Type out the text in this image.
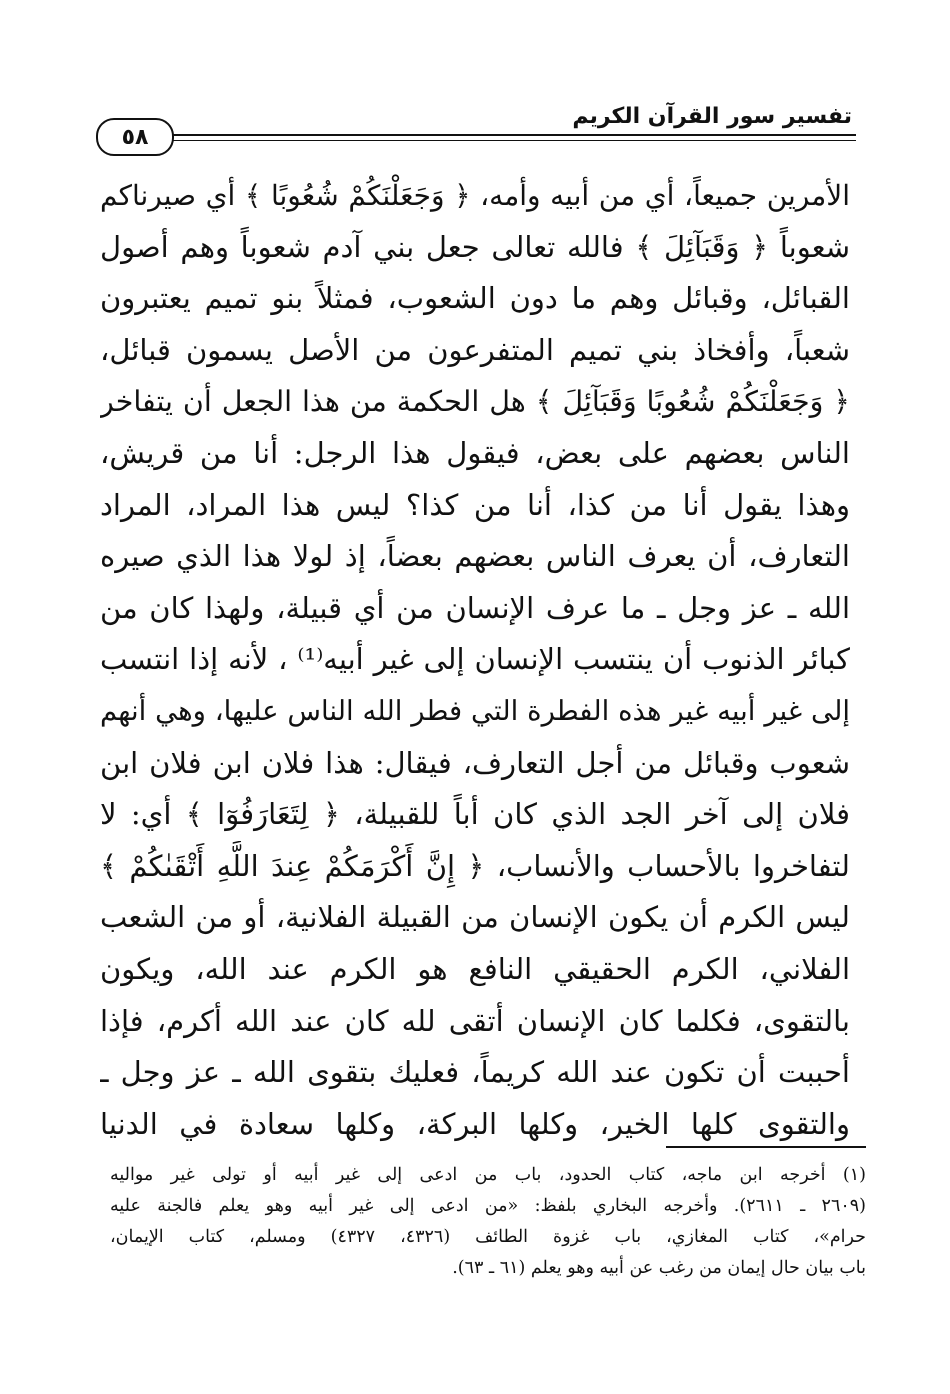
٥٨
تفسير سور القرآن الكريم
الأمرين جميعاً، أي من أبيه وأمه، ﴿ وَجَعَلْنَكُمْ شُعُوبًا ﴾ أي صيرناكم
شعوباً ﴿ وَقَبَآئِلَ ﴾ فالله تعالى جعل بني آدم شعوباً وهم أصول
القبائل، وقبائل وهم ما دون الشعوب، فمثلاً بنو تميم يعتبرون
شعباً، وأفخاذ بني تميم المتفرعون من الأصل يسمون قبائل،
﴿ وَجَعَلْنَكُمْ شُعُوبًا وَقَبَآئِلَ ﴾ هل الحكمة من هذا الجعل أن يتفاخر
الناس بعضهم على بعض، فيقول هذا الرجل: أنا من قريش،
وهذا يقول أنا من كذا، أنا من كذا؟ ليس هذا المراد، المراد
التعارف، أن يعرف الناس بعضهم بعضاً، إذ لولا هذا الذي صيره
الله ـ عز وجل ـ ما عرف الإنسان من أي قبيلة، ولهذا كان من
كبائر الذنوب أن ينتسب الإنسان إلى غير أبيه⁽¹⁾ ، لأنه إذا انتسب
إلى غير أبيه غير هذه الفطرة التي فطر الله الناس عليها، وهي أنهم
شعوب وقبائل من أجل التعارف، فيقال: هذا فلان ابن فلان ابن
فلان إلى آخر الجد الذي كان أباً للقبيلة، ﴿ لِتَعَارَفُوٓا ﴾ أي: لا
لتفاخروا بالأحساب والأنساب، ﴿ إِنَّ أَكْرَمَكُمْ عِندَ اللَّهِ أَتْقَىٰكُمْ ﴾
ليس الكرم أن يكون الإنسان من القبيلة الفلانية، أو من الشعب
الفلاني، الكرم الحقيقي النافع هو الكرم عند الله، ويكون
بالتقوى، فكلما كان الإنسان أتقى لله كان عند الله أكرم، فإذا
أحببت أن تكون عند الله كريماً، فعليك بتقوى الله ـ عز وجل ـ
والتقوى كلها الخير، وكلها البركة، وكلها سعادة في الدنيا
(١) أخرجه ابن ماجه، كتاب الحدود، باب من ادعى إلى غير أبيه أو تولى غير مواليه
(٢٦٠٩ ـ ٢٦١١). وأخرجه البخاري بلفظ: «من ادعى إلى غير أبيه وهو يعلم فالجنة عليه
حرام»، كتاب المغازي، باب غزوة الطائف (٤٣٢٦، ٤٣٢٧) ومسلم، كتاب الإيمان،
باب بيان حال إيمان من رغب عن أبيه وهو يعلم (٦١ ـ ٦٣).
